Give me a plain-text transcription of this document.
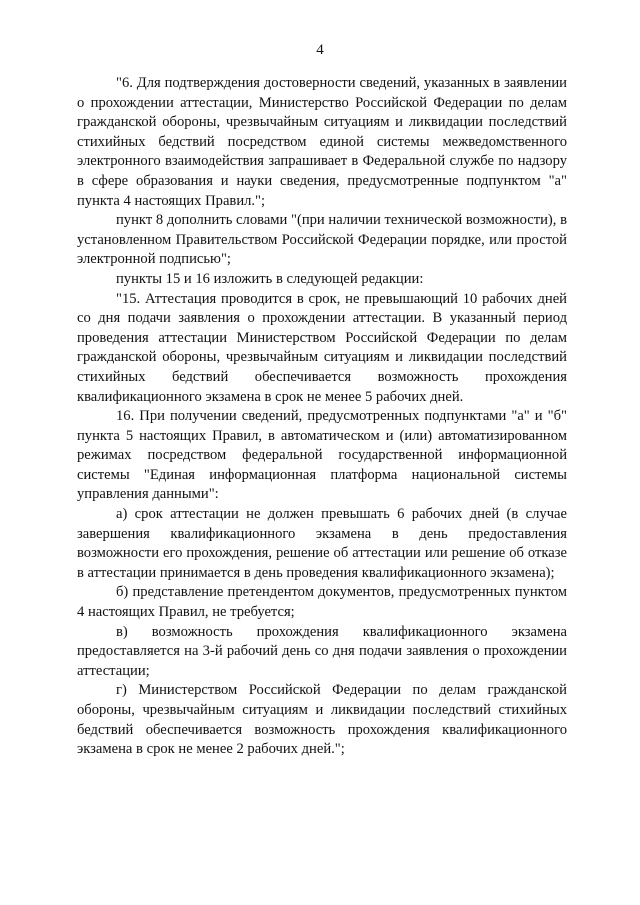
4

"6. Для подтверждения достоверности сведений, указанных в заявлении о прохождении аттестации, Министерство Российской Федерации по делам гражданской обороны, чрезвычайным ситуациям и ликвидации последствий стихийных бедствий посредством единой системы межведомственного электронного взаимодействия запрашивает в Федеральной службе по надзору в сфере образования и науки сведения, предусмотренные подпунктом "а" пункта 4 настоящих Правил.";

пункт 8 дополнить словами "(при наличии технической возможности), в установленном Правительством Российской Федерации порядке, или простой электронной подписью";

пункты 15 и 16 изложить в следующей редакции:

"15. Аттестация проводится в срок, не превышающий 10 рабочих дней со дня подачи заявления о прохождении аттестации. В указанный период проведения аттестации Министерством Российской Федерации по делам гражданской обороны, чрезвычайным ситуациям и ликвидации последствий стихийных бедствий обеспечивается возможность прохождения квалификационного экзамена в срок не менее 5 рабочих дней.

16. При получении сведений, предусмотренных подпунктами "а" и "б" пункта 5 настоящих Правил, в автоматическом и (или) автоматизированном режимах посредством федеральной государственной информационной системы "Единая информационная платформа национальной системы управления данными":

а) срок аттестации не должен превышать 6 рабочих дней (в случае завершения квалификационного экзамена в день предоставления возможности его прохождения, решение об аттестации или решение об отказе в аттестации принимается в день проведения квалификационного экзамена);

б) представление претендентом документов, предусмотренных пунктом 4 настоящих Правил, не требуется;

в) возможность прохождения квалификационного экзамена предоставляется на 3-й рабочий день со дня подачи заявления о прохождении аттестации;

г) Министерством Российской Федерации по делам гражданской обороны, чрезвычайным ситуациям и ликвидации последствий стихийных бедствий обеспечивается возможность прохождения квалификационного экзамена в срок не менее 2 рабочих дней.";
